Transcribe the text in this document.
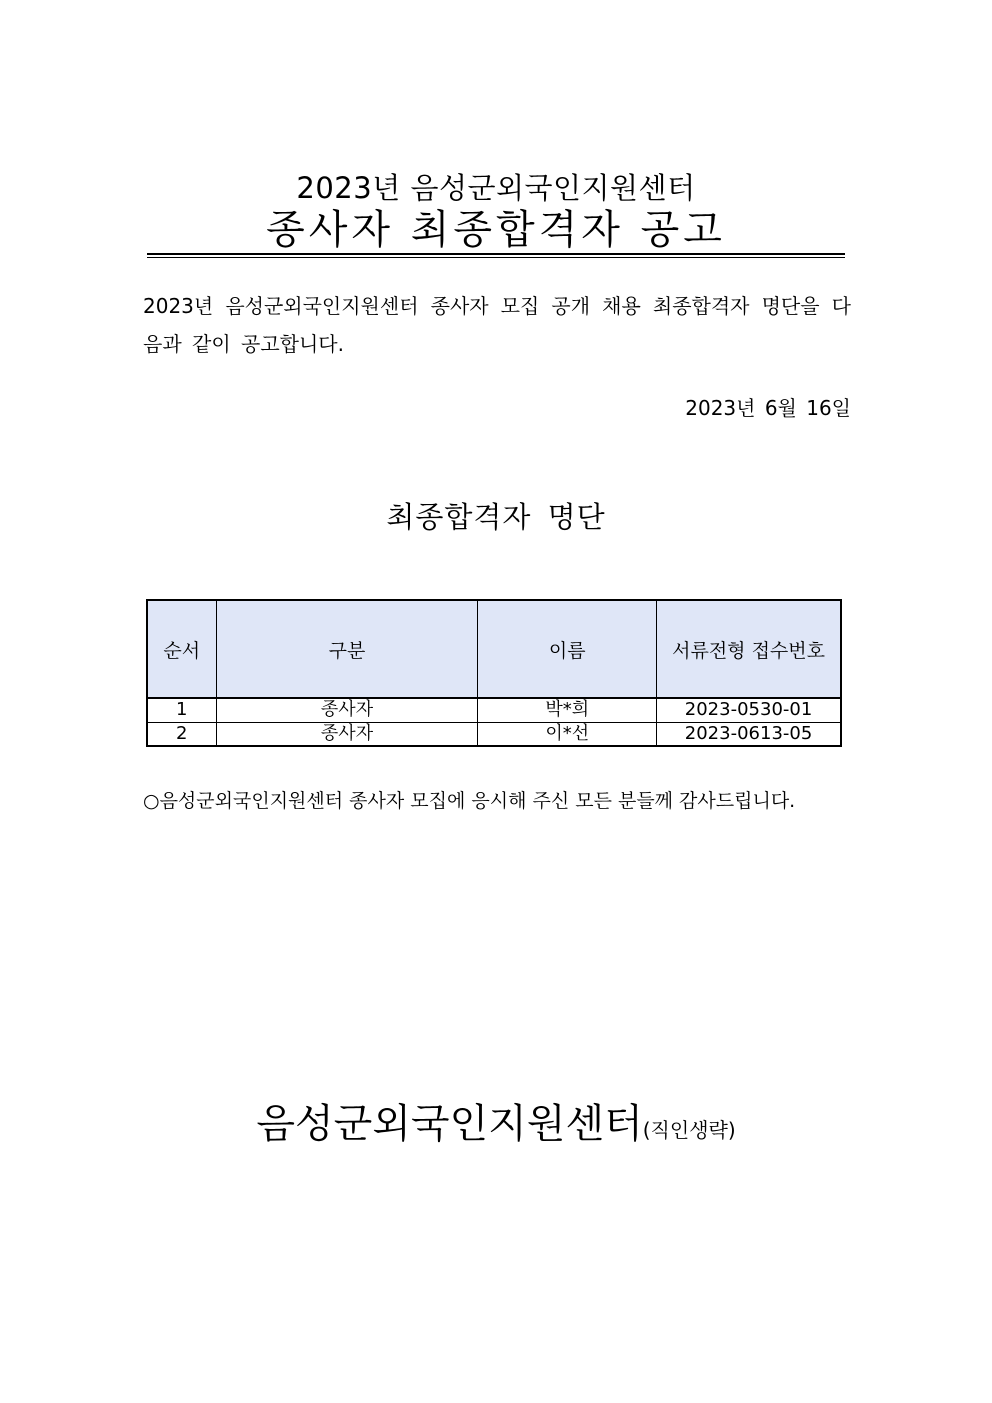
2023년 음성군외국인지원센터
종사자 최종합격자 공고
2023년 음성군외국인지원센터 종사자 모집 공개 채용 최종합격자 명단을 다음과 같이 공고합니다.
2023년 6월 16일
최종합격자 명단
순서	구분	이름	서류전형 접수번호
1	종사자	박*희	2023-0530-01
2	종사자	이*선	2023-0613-05
○음성군외국인지원센터 종사자 모집에 응시해 주신 모든 분들께 감사드립니다.
음성군외국인지원센터(직인생략)
